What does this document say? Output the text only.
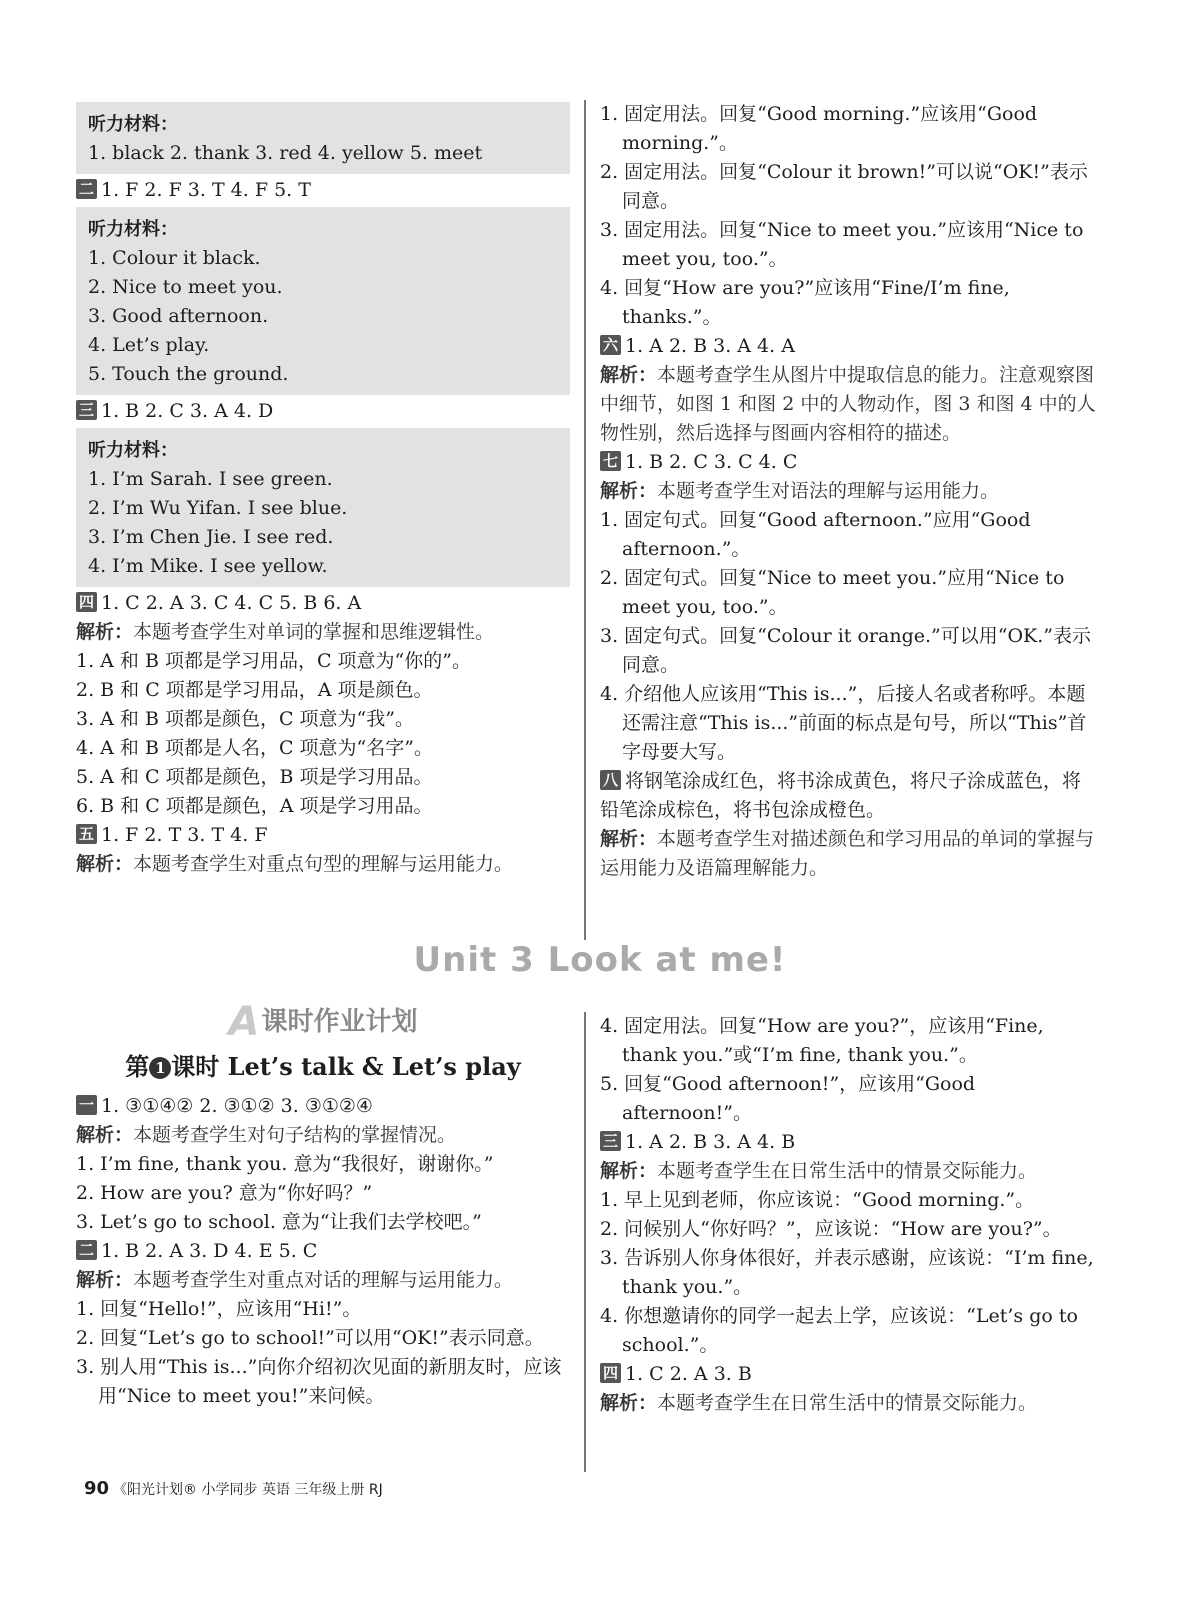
听力材料：
1. black 2. thank 3. red 4. yellow 5. meet
二 1. F 2. F 3. T 4. F 5. T
听力材料：
1. Colour it black.
2. Nice to meet you.
3. Good afternoon.
4. Let’s play.
5. Touch the ground.
三 1. B 2. C 3. A 4. D
听力材料：
1. I’m Sarah. I see green.
2. I’m Wu Yifan. I see blue.
3. I’m Chen Jie. I see red.
4. I’m Mike. I see yellow.
四 1. C 2. A 3. C 4. C 5. B 6. A
解析：本题考查学生对单词的掌握和思维逻辑性。
1. A 和 B 项都是学习用品，C 项意为“你的”。
2. B 和 C 项都是学习用品，A 项是颜色。
3. A 和 B 项都是颜色，C 项意为“我”。
4. A 和 B 项都是人名，C 项意为“名字”。
5. A 和 C 项都是颜色，B 项是学习用品。
6. B 和 C 项都是颜色，A 项是学习用品。
五 1. F 2. T 3. T 4. F
解析：本题考查学生对重点句型的理解与运用能力。
1. 固定用法。回复“Good morning.”应该用“Good morning.”。
2. 固定用法。回复“Colour it brown!”可以说“OK!”表示同意。
3. 固定用法。回复“Nice to meet you.”应该用“Nice to meet you, too.”。
4. 回复“How are you?”应该用“Fine/I’m fine, thanks.”。
六 1. A 2. B 3. A 4. A
解析：本题考查学生从图片中提取信息的能力。注意观察图中细节，如图 1 和图 2 中的人物动作，图 3 和图 4 中的人物性别，然后选择与图画内容相符的描述。
七 1. B 2. C 3. C 4. C
解析：本题考查学生对语法的理解与运用能力。
1. 固定句式。回复“Good afternoon.”应用“Good afternoon.”。
2. 固定句式。回复“Nice to meet you.”应用“Nice to meet you, too.”。
3. 固定句式。回复“Colour it orange.”可以用“OK.”表示同意。
4. 介绍他人应该用“This is...”，后接人名或者称呼。本题还需注意“This is...”前面的标点是句号，所以“This”首字母要大写。
八 将钢笔涂成红色，将书涂成黄色，将尺子涂成蓝色，将铅笔涂成棕色，将书包涂成橙色。
解析：本题考查学生对描述颜色和学习用品的单词的掌握与运用能力及语篇理解能力。
Unit 3 Look at me!
A 课时作业计划
第 1 课时 Let’s talk & Let’s play
一 1. ③①④② 2. ③①② 3. ③①②④
解析：本题考查学生对句子结构的掌握情况。
1. I’m fine, thank you. 意为“我很好，谢谢你。”
2. How are you? 意为“你好吗？”
3. Let’s go to school. 意为“让我们去学校吧。”
二 1. B 2. A 3. D 4. E 5. C
解析：本题考查学生对重点对话的理解与运用能力。
1. 回复“Hello!”，应该用“Hi!”。
2. 回复“Let’s go to school!”可以用“OK!”表示同意。
3. 别人用“This is...”向你介绍初次见面的新朋友时，应该用“Nice to meet you!”来问候。
4. 固定用法。回复“How are you?”，应该用“Fine, thank you.”或“I’m fine, thank you.”。
5. 回复“Good afternoon!”，应该用“Good afternoon!”。
三 1. A 2. B 3. A 4. B
解析：本题考查学生在日常生活中的情景交际能力。
1. 早上见到老师，你应该说：“Good morning.”。
2. 问候别人“你好吗？”，应该说：“How are you?”。
3. 告诉别人你身体很好，并表示感谢，应该说：“I’m fine, thank you.”。
4. 你想邀请你的同学一起去上学，应该说：“Let’s go to school.”。
四 1. C 2. A 3. B
解析：本题考查学生在日常生活中的情景交际能力。
90 《阳光计划® 小学同步 英语 三年级上册 RJ
